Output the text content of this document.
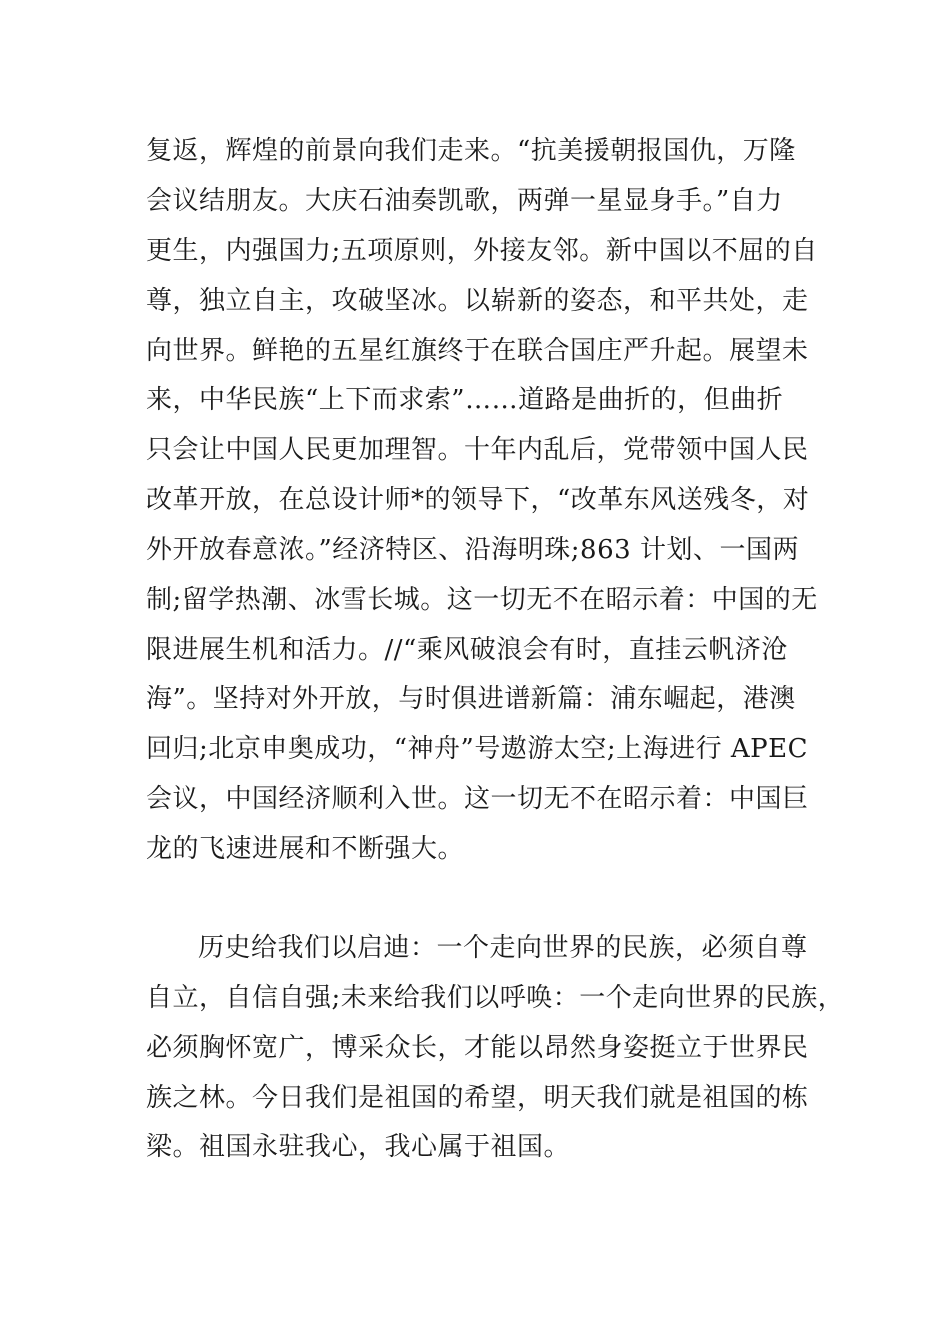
复返，辉煌的前景向我们走来。“抗美援朝报国仇，万隆
会议结朋友。大庆石油奏凯歌，两弹一星显身手。”自力
更生，内强国力;五项原则，外接友邻。新中国以不屈的自
尊，独立自主，攻破坚冰。以崭新的姿态，和平共处，走
向世界。鲜艳的五星红旗终于在联合国庄严升起。展望未
来，中华民族“上下而求索”……道路是曲折的，但曲折
只会让中国人民更加理智。十年内乱后，党带领中国人民
改革开放，在总设计师*的领导下，“改革东风送残冬，对
外开放春意浓。”经济特区、沿海明珠;863 计划、一国两
制;留学热潮、冰雪长城。这一切无不在昭示着：中国的无
限进展生机和活力。//“乘风破浪会有时，直挂云帆济沧
海”。坚持对外开放，与时俱进谱新篇：浦东崛起，港澳
回归;北京申奥成功，“神舟”号遨游太空;上海进行 APEC
会议，中国经济顺利入世。这一切无不在昭示着：中国巨
龙的飞速进展和不断强大。
历史给我们以启迪：一个走向世界的民族，必须自尊
自立，自信自强;未来给我们以呼唤：一个走向世界的民族，
必须胸怀宽广，博采众长，才能以昂然身姿挺立于世界民
族之林。今日我们是祖国的希望，明天我们就是祖国的栋
梁。祖国永驻我心，我心属于祖国。
